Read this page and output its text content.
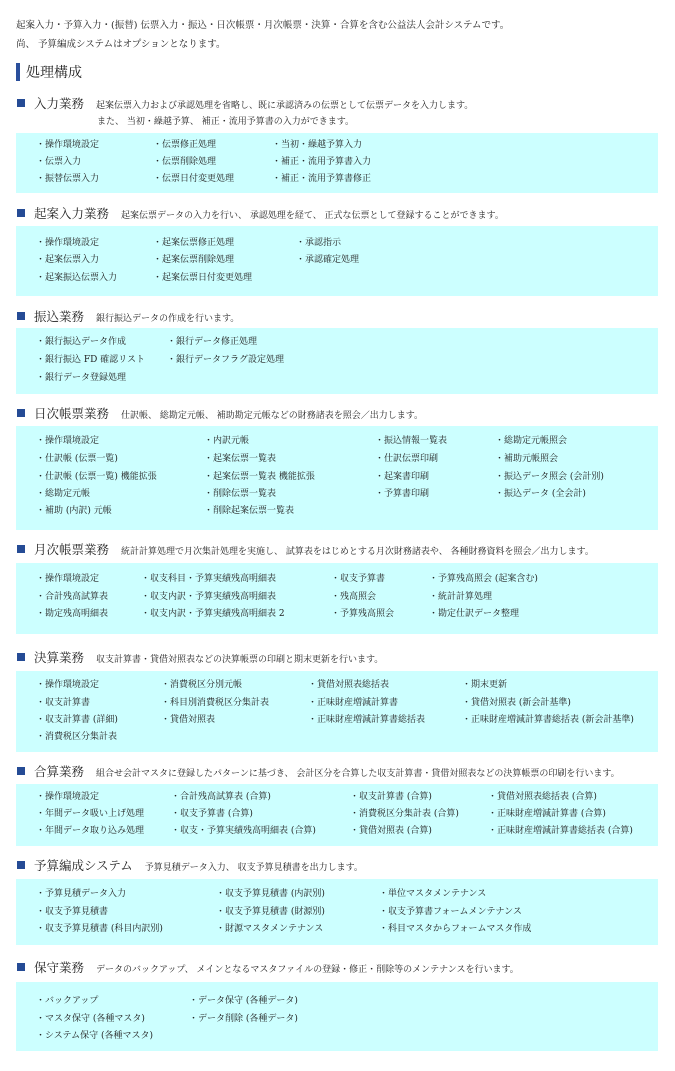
起案入力・予算入力・(振替) 伝票入力・振込・日次帳票・月次帳票・決算・合算を含む公益法人会計システムです。
尚、 予算編成システムはオプションとなります。
処理構成
入力業務 起案伝票入力および承認処理を省略し、既に承認済みの伝票として伝票データを入力します。
また、 当初・繰越予算、 補正・流用予算書の入力ができます。
・操作環境設定
・伝票入力
・振替伝票入力
・伝票修正処理
・伝票削除処理
・伝票日付変更処理
・当初・繰越予算入力
・補正・流用予算書入力
・補正・流用予算書修正
起案入力業務 起案伝票データの入力を行い、 承認処理を経て、 正式な伝票として登録することができます。
・操作環境設定
・起案伝票入力
・起案振込伝票入力
・起案伝票修正処理
・起案伝票削除処理
・起案伝票日付変更処理
・承認指示
・承認確定処理
振込業務 銀行振込データの作成を行います。
・銀行振込データ作成
・銀行振込 FD 確認リスト
・銀行データ登録処理
・銀行データ修正処理
・銀行データフラグ設定処理
日次帳票業務 仕訳帳、 総勘定元帳、 補助勘定元帳などの財務諸表を照会／出力します。
・操作環境設定
・仕訳帳 (伝票一覧)
・仕訳帳 (伝票一覧) 機能拡張
・総勘定元帳
・補助 (内訳) 元帳
・内訳元帳
・起案伝票一覧表
・起案伝票一覧表 機能拡張
・削除伝票一覧表
・削除起案伝票一覧表
・振込情報一覧表
・仕訳伝票印刷
・起案書印刷
・予算書印刷
・総勘定元帳照会
・補助元帳照会
・振込データ照会 (会計別)
・振込データ (全会計)
月次帳票業務 統計計算処理で月次集計処理を実施し、 試算表をはじめとする月次財務諸表や、 各種財務資料を照会／出力します。
・操作環境設定
・合計残高試算表
・勘定残高明細表
・収支科目・予算実績残高明細表
・収支内訳・予算実績残高明細表
・収支内訳・予算実績残高明細表 2
・収支予算書
・残高照会
・予算残高照会
・予算残高照会 (起案含む)
・統計計算処理
・勘定仕訳データ整理
決算業務 収支計算書・貸借対照表などの決算帳票の印刷と期末更新を行います。
・操作環境設定
・収支計算書
・収支計算書 (詳細)
・消費税区分集計表
・消費税区分別元帳
・科目別消費税区分集計表
・貸借対照表
・貸借対照表総括表
・正味財産増減計算書
・正味財産増減計算書総括表
・期末更新
・貸借対照表 (新会計基準)
・正味財産増減計算書総括表 (新会計基準)
合算業務 組合せ会計マスタに登録したパターンに基づき、 会計区分を合算した収支計算書・貸借対照表などの決算帳票の印刷を行います。
・操作環境設定
・年間データ吸い上げ処理
・年間データ取り込み処理
・合計残高試算表 (合算)
・収支予算書 (合算)
・収支・予算実績残高明細表 (合算)
・収支計算書 (合算)
・消費税区分集計表 (合算)
・貸借対照表 (合算)
・貸借対照表総括表 (合算)
・正味財産増減計算書 (合算)
・正味財産増減計算書総括表 (合算)
予算編成システム 予算見積データ入力、 収支予算見積書を出力します。
・予算見積データ入力
・収支予算見積書
・収支予算見積書 (科目内訳別)
・収支予算見積書 (内訳別)
・収支予算見積書 (財源別)
・財源マスタメンテナンス
・単位マスタメンテナンス
・収支予算書フォームメンテナンス
・科目マスタからフォームマスタ作成
保守業務 データのバックアップ、 メインとなるマスタファイルの登録・修正・削除等のメンテナンスを行います。
・バックアップ
・マスタ保守 (各種マスタ)
・システム保守 (各種マスタ)
・データ保守 (各種データ)
・データ削除 (各種データ)
